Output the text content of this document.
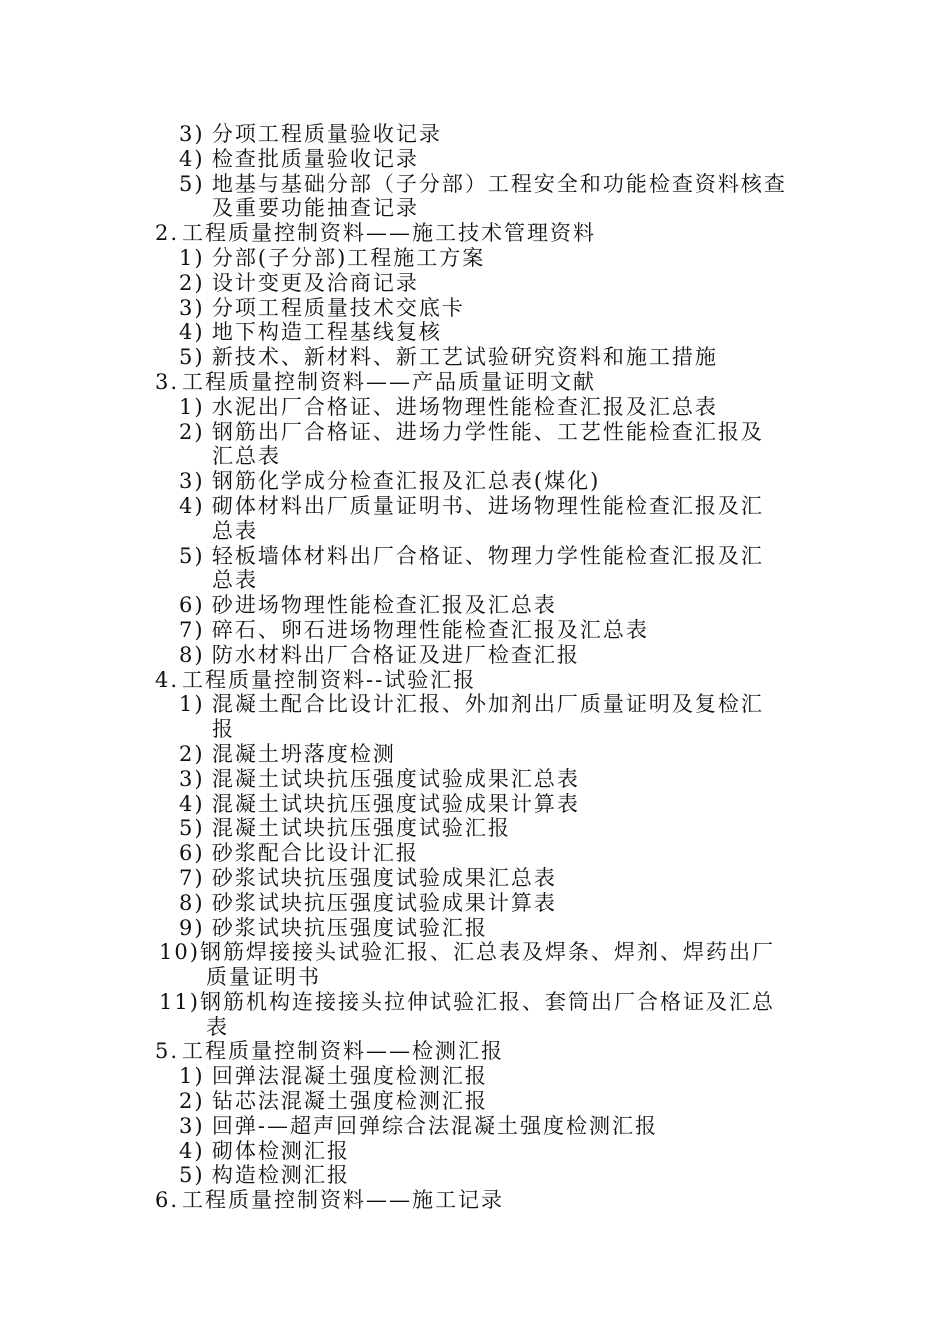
3) 分项工程质量验收记录
4) 检查批质量验收记录
5) 地基与基础分部（子分部）工程安全和功能检查资料核查
及重要功能抽查记录
2. 工程质量控制资料——施工技术管理资料
1) 分部(子分部)工程施工方案
2) 设计变更及洽商记录
3) 分项工程质量技术交底卡
4) 地下构造工程基线复核
5) 新技术、新材料、新工艺试验研究资料和施工措施
3. 工程质量控制资料——产品质量证明文献
1) 水泥出厂合格证、进场物理性能检查汇报及汇总表
2) 钢筋出厂合格证、进场力学性能、工艺性能检查汇报及
汇总表
3) 钢筋化学成分检查汇报及汇总表(煤化)
4) 砌体材料出厂质量证明书、进场物理性能检查汇报及汇
总表
5) 轻板墙体材料出厂合格证、物理力学性能检查汇报及汇
总表
6) 砂进场物理性能检查汇报及汇总表
7) 碎石、卵石进场物理性能检查汇报及汇总表
8) 防水材料出厂合格证及进厂检查汇报
4. 工程质量控制资料--试验汇报
1) 混凝土配合比设计汇报、外加剂出厂质量证明及复检汇
报
2) 混凝土坍落度检测
3) 混凝土试块抗压强度试验成果汇总表
4) 混凝土试块抗压强度试验成果计算表
5) 混凝土试块抗压强度试验汇报
6) 砂浆配合比设计汇报
7) 砂浆试块抗压强度试验成果汇总表
8) 砂浆试块抗压强度试验成果计算表
9) 砂浆试块抗压强度试验汇报
10) 钢筋焊接接头试验汇报、汇总表及焊条、焊剂、焊药出厂
质量证明书
11) 钢筋机构连接接头拉伸试验汇报、套筒出厂合格证及汇总
表
5. 工程质量控制资料——检测汇报
1) 回弹法混凝土强度检测汇报
2) 钻芯法混凝土强度检测汇报
3) 回弹-—超声回弹综合法混凝土强度检测汇报
4) 砌体检测汇报
5) 构造检测汇报
6. 工程质量控制资料——施工记录
